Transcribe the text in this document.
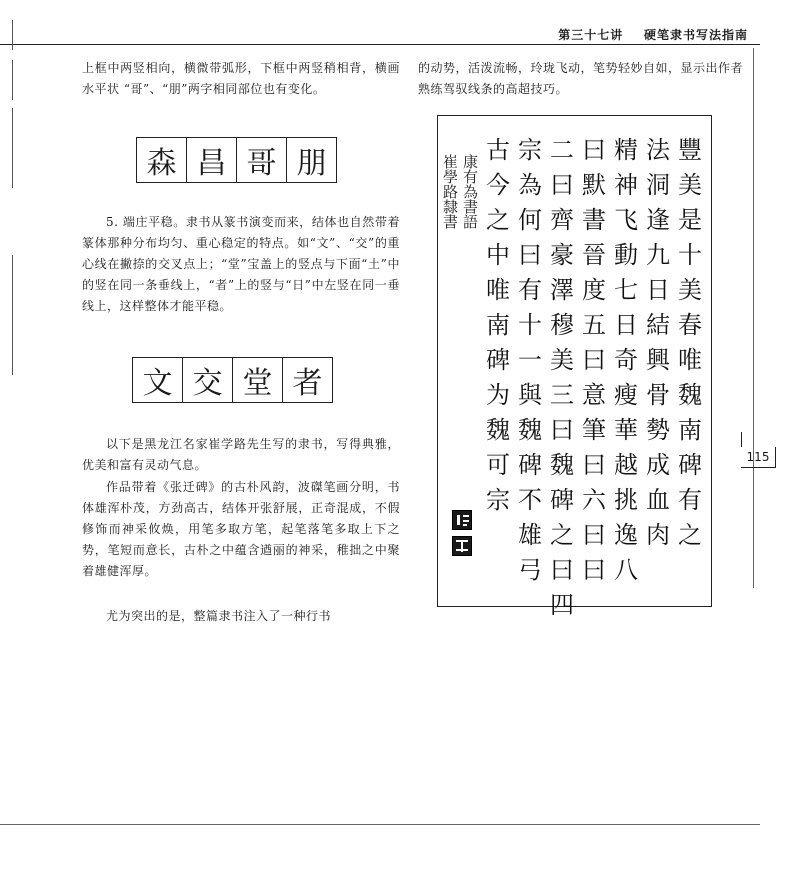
第三十七讲 硬笔隶书写法指南

上框中两竖相向，横微带弧形，下框中两竖稍相背，横画水平状 “哥”、“朋”两字相同部位也有变化。

森 昌 哥 朋

5. 端庄平稳。隶书从篆书演变而来，结体也自然带着篆体那种分布均匀、重心稳定的特点。如“文”、“交”的重心线在撇捺的交叉点上；“堂”宝盖上的竖点与下面“土”中的竖在同一条垂线上，“者”上的竖与“日”中左竖在同一垂线上，这样整体才能平稳。

文 交 堂 者

以下是黑龙江名家崔学路先生写的隶书，写得典雅，优美和富有灵动气息。

作品带着《张迁碑》的古朴风韵，波磔笔画分明，书体雄浑朴茂，方劲高古，结体开张舒展，正奇混成，不假修饰而神采攸焕，用笔多取方笔，起笔落笔多取上下之势，笔短而意长，古朴之中蕴含遒丽的神采，稚拙之中聚着雄健浑厚。

尤为突出的是，整篇隶书注入了一种行书

的动势，活泼流畅，玲珑飞动，笔势轻妙自如，显示出作者熟练驾驭线条的高超技巧。

康有為書語
崔學路隸書
古 宗 二 曰 精 法 豐
今 為 曰 默 神 洞 美
之 何 齊 書 飞 逢 是
中 曰 豪 晉 動 九 十
唯 有 澤 度 七 日 美
南 十 穆 五 日 結 春
碑 一 美 曰 奇 興 唯
为 與 三 意 瘦 骨 魏
魏 魏 曰 筆 華 勢 南
可 碑 魏 曰 越 成 碑
宗 不 碑 六 挑 血 有
雄 之 曰 逸 肉 之
弓 曰 曰 八
四
115
